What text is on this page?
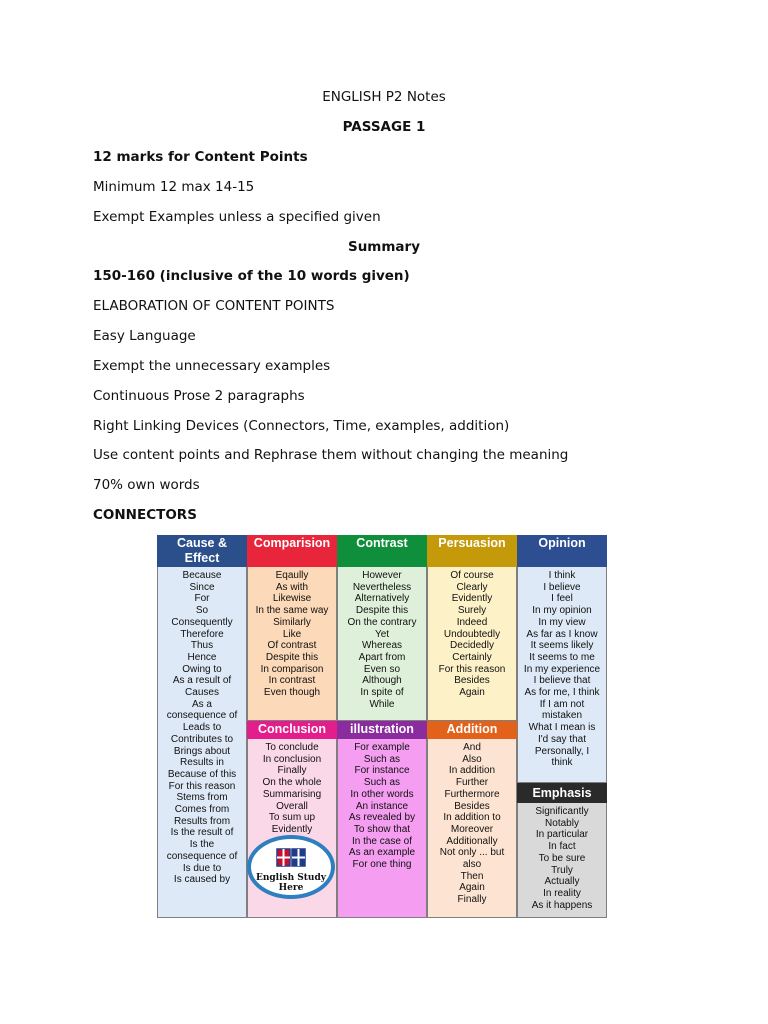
ENGLISH P2 Notes
PASSAGE 1
12 marks for Content Points
Minimum 12 max 14-15
Exempt Examples unless a specified given
Summary
150-160 (inclusive of the 10 words given)
ELABORATION OF CONTENT POINTS
Easy Language
Exempt the unnecessary examples
Continuous Prose 2 paragraphs
Right Linking Devices (Connectors, Time, examples, addition)
Use content points and Rephrase them without changing the meaning
70% own words
CONNECTORS
Cause & Effect
Because
Since
For
So
Consequently
Therefore
Thus
Hence
Owing to
As a result of
Causes
As a
consequence of
Leads to
Contributes to
Brings about
Results in
Because of this
For this reason
Stems from
Comes from
Results from
Is the result of
Is the
consequence of
Is due to
Is caused by
Comparision
Eqaully
As with
Likewise
In the same way
Similarly
Like
Of contrast
Despite this
In comparison
In contrast
Even though
Contrast
However
Nevertheless
Alternatively
Despite this
On the contrary
Yet
Whereas
Apart from
Even so
Although
In spite of
While
Persuasion
Of course
Clearly
Evidently
Surely
Indeed
Undoubtedly
Decidedly
Certainly
For this reason
Besides
Again
Opinion
I think
I believe
I feel
In my opinion
In my view
As far as I know
It seems likely
It seems to me
In my experience
I believe that
As for me, I think
If I am not
mistaken
What I mean is
I'd say that
Personally, I
think
Conclusion
To conclude
In conclusion
Finally
On the whole
Summarising
Overall
To sum up
Evidently
English Study Here
illustration
For example
Such as
For instance
Such as
In other words
An instance
As revealed by
To show that
In the case of
As an example
For one thing
Addition
And
Also
In addition
Further
Furthermore
Besides
In addition to
Moreover
Additionally
Not only ... but
also
Then
Again
Finally
Emphasis
Significantly
Notably
In particular
In fact
To be sure
Truly
Actually
In reality
As it happens
